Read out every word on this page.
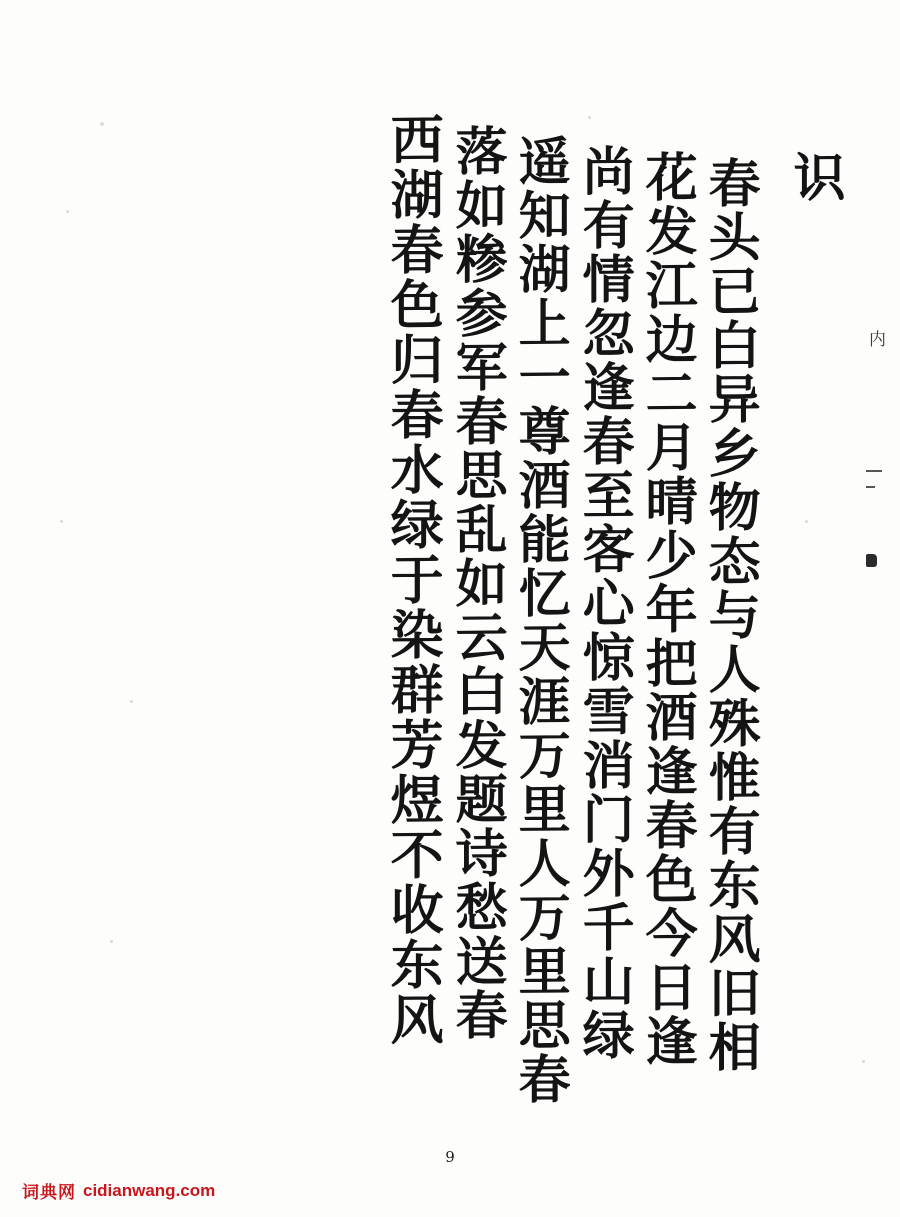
西湖春色归春水绿于染群芳煜不收东风 落如糁参军春思乱如云白发题诗愁送春 遥知湖上一尊酒能忆天涯万里人万里思春 尚有情忽逢春至客心惊雪消门外千山绿 花发江边二月晴少年把酒逢春色今日逢 春头已白异乡物态与人殊惟有东风旧相 识
内
9
词典网 cidianwang.com
